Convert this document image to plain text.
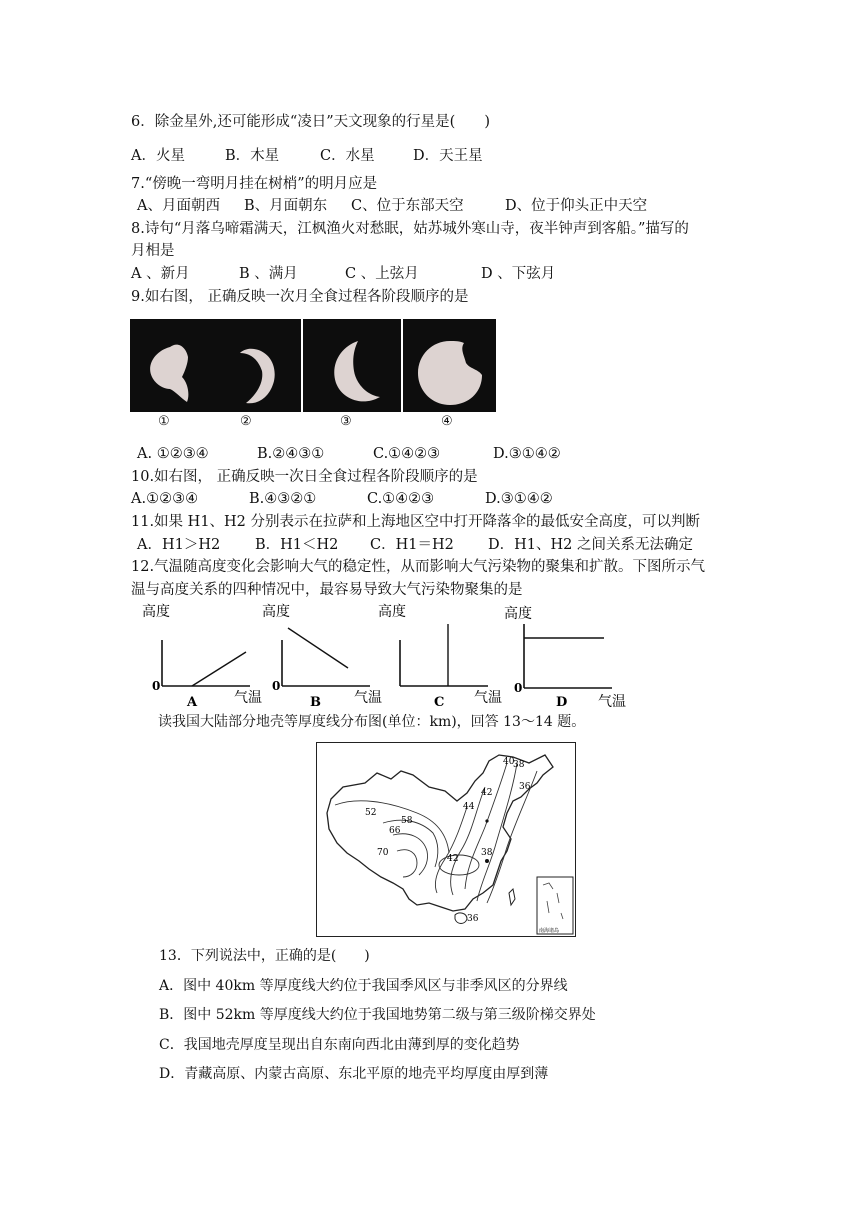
6．除金星外,还可能形成“凌日”天文现象的行星是(　　)
A．火星	B．木星	C．水星	D．天王星
7.“傍晚一弯明月挂在树梢”的明月应是
A、月面朝西 B、月面朝东 C、位于东部天空	D、位于仰头正中天空
8.诗句“月落乌啼霜满天，江枫渔火对愁眠，姑苏城外寒山寺，夜半钟声到客船。”描写的
月相是
A 、新月	B 、满月	C 、上弦月	D 、下弦月
9.如右图， 正确反映一次月全食过程各阶段顺序的是
①	②	③	④
A. ①②③④	B.②④③①	C.①④②③	D.③①④②
10.如右图， 正确反映一次日全食过程各阶段顺序的是
A.①②③④	B.④③②①	C.①④②③	D.③①④②
11.如果 H1、H2 分别表示在拉萨和上海地区空中打开降落伞的最低安全高度，可以判断
A．H1＞H2 B．H1＜H2 C．H1＝H2 D．H1、H2 之间关系无法确定
12.气温随高度变化会影响大气的稳定性，从而影响大气污染物的聚集和扩散。下图所示气
温与高度关系的四种情况中，最容易导致大气污染物聚集的是
高度
0
A	气温
高度
0
B 气温
高度
C 气温
高度
0
D 气温
读我国大陆部分地壳等厚度线分布图(单位：km)，回答 13～14 题。
40
38
36
42
44
52
58
66
70
42
38
36
南海诸岛
13．下列说法中，正确的是(　　)
A．图中 40km 等厚度线大约位于我国季风区与非季风区的分界线
B．图中 52km 等厚度线大约位于我国地势第二级与第三级阶梯交界处
C．我国地壳厚度呈现出自东南向西北由薄到厚的变化趋势
D．青藏高原、内蒙古高原、东北平原的地壳平均厚度由厚到薄
